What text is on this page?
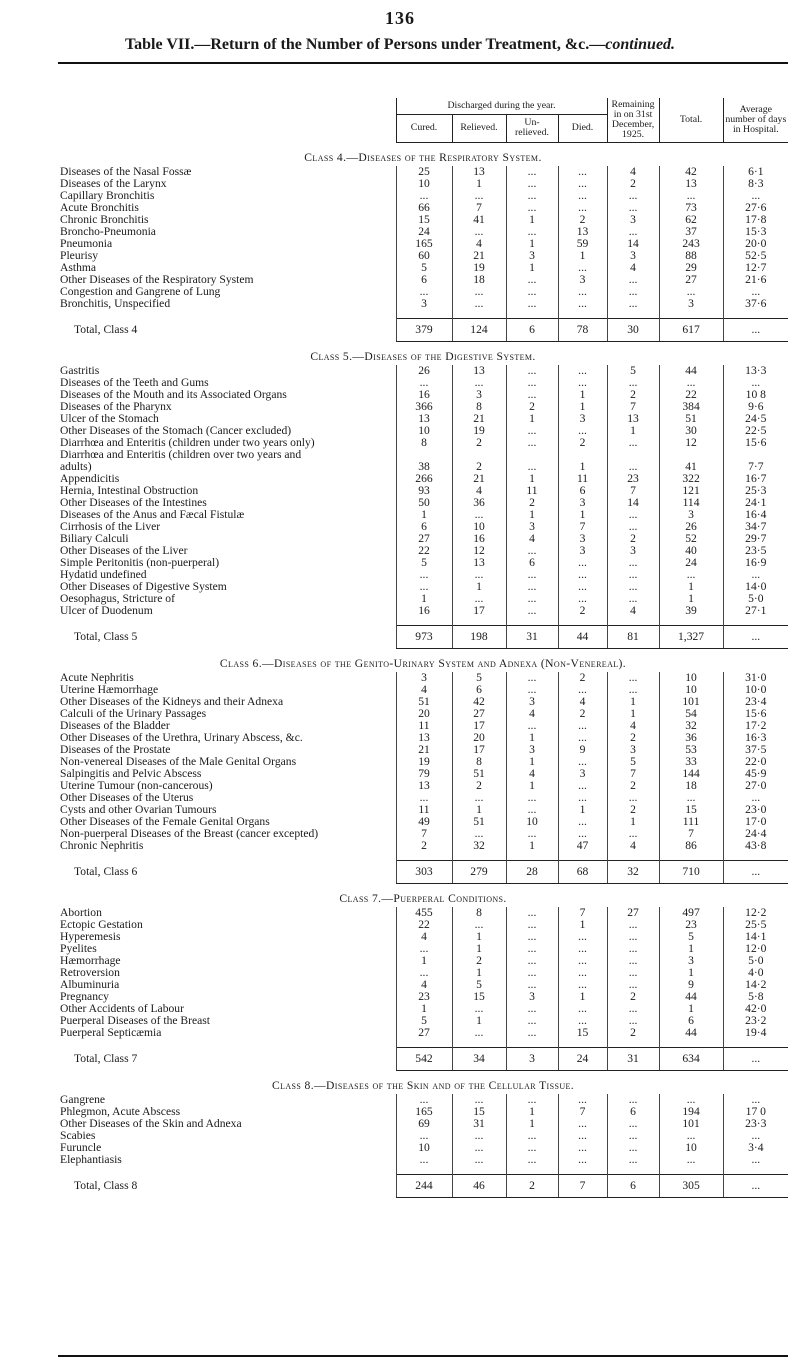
136
Table VII.—Return of the Number of Persons under Treatment, &c.—continued.
	Discharged during the year.				Remaining in on 31st December, 1925.	Total.	Average number of days in Hospital.
	Cured.	Relieved.	Un-relieved.	Died.			
Class 4.—Diseases of the Respiratory System.							
Diseases of the Nasal Fossæ	25	13	...	...	4	42	6·1
Diseases of the Larynx	10	1	...	...	2	13	8·3
Capillary Bronchitis	...	...	...	...	...	...	...
Acute Bronchitis	66	7	...	...	...	73	27·6
Chronic Bronchitis	15	41	1	2	3	62	17·8
Broncho-Pneumonia	24	...	...	13	...	37	15·3
Pneumonia	165	4	1	59	14	243	20·0
Pleurisy	60	21	3	1	3	88	52·5
Asthma	5	19	1	...	4	29	12·7
Other Diseases of the Respiratory System	6	18	...	3	...	27	21·6
Congestion and Gangrene of Lung	...	...	...	...	...	...	...
Bronchitis, Unspecified	3	...	...	...	...	3	37·6

Total, Class 4	379	124	6	78	30	617	...
Class 5.—Diseases of the Digestive System.							
Gastritis	26	13	...	...	5	44	13·3
Diseases of the Teeth and Gums	...	...	...	...	...	...	...
Diseases of the Mouth and its Associated Organs	16	3	...	1	2	22	10 8
Diseases of the Pharynx	366	8	2	1	7	384	9·6
Ulcer of the Stomach	13	21	1	3	13	51	24·5
Other Diseases of the Stomach (Cancer excluded)	10	19	...	...	1	30	22·5
Diarrhœa and Enteritis (children under two years only)	8	2	...	2	...	12	15·6
Diarrhœa and Enteritis (children over two years and							
adults)	38	2	...	1	...	41	7·7
Appendicitis	266	21	1	11	23	322	16·7
Hernia, Intestinal Obstruction	93	4	11	6	7	121	25·3
Other Diseases of the Intestines	50	36	2	3	14	114	24·1
Diseases of the Anus and Fæcal Fistulæ	1	...	1	1	...	3	16·4
Cirrhosis of the Liver	6	10	3	7	...	26	34·7
Biliary Calculi	27	16	4	3	2	52	29·7
Other Diseases of the Liver	22	12	...	3	3	40	23·5
Simple Peritonitis (non-puerperal)	5	13	6	...	...	24	16·9
Hydatid undefined	...	...	...	...	...	...	...
Other Diseases of Digestive System	...	1	...	...	...	1	14·0
Oesophagus, Stricture of	1	...	...	...	...	1	5·0
Ulcer of Duodenum	16	17	...	2	4	39	27·1

Total, Class 5	973	198	31	44	81	1,327	...
Class 6.—Diseases of the Genito-Urinary System and Adnexa (Non-Venereal).							
Acute Nephritis	3	5	...	2	...	10	31·0
Uterine Hæmorrhage	4	6	...	...	...	10	10·0
Other Diseases of the Kidneys and their Adnexa	51	42	3	4	1	101	23·4
Calculi of the Urinary Passages	20	27	4	2	1	54	15·6
Diseases of the Bladder	11	17	...	...	4	32	17·2
Other Diseases of the Urethra, Urinary Abscess, &c.	13	20	1	...	2	36	16·3
Diseases of the Prostate	21	17	3	9	3	53	37·5
Non-venereal Diseases of the Male Genital Organs	19	8	1	...	5	33	22·0
Salpingitis and Pelvic Abscess	79	51	4	3	7	144	45·9
Uterine Tumour (non-cancerous)	13	2	1	...	2	18	27·0
Other Diseases of the Uterus	...	...	...	...	...	...	...
Cysts and other Ovarian Tumours	11	1	...	1	2	15	23·0
Other Diseases of the Female Genital Organs	49	51	10	...	1	111	17·0
Non-puerperal Diseases of the Breast (cancer excepted)	7	...	...	...	...	7	24·4
Chronic Nephritis	2	32	1	47	4	86	43·8

Total, Class 6	303	279	28	68	32	710	...
Class 7.—Puerperal Conditions.							
Abortion	455	8	...	7	27	497	12·2
Ectopic Gestation	22	...	...	1	...	23	25·5
Hyperemesis	4	1	...	...	...	5	14·1
Pyelites	...	1	...	...	...	1	12·0
Hæmorrhage	1	2	...	...	...	3	5·0
Retroversion	...	1	...	...	...	1	4·0
Albuminuria	4	5	...	...	...	9	14·2
Pregnancy	23	15	3	1	2	44	5·8
Other Accidents of Labour	1	...	...	...	...	1	42·0
Puerperal Diseases of the Breast	5	1	...	...	...	6	23·2
Puerperal Septicæmia	27	...	...	15	2	44	19·4

Total, Class 7	542	34	3	24	31	634	...
Class 8.—Diseases of the Skin and of the Cellular Tissue.							
Gangrene	...	...	...	...	...	...	...
Phlegmon, Acute Abscess	165	15	1	7	6	194	17 0
Other Diseases of the Skin and Adnexa	69	31	1	...	...	101	23·3
Scabies	...	...	...	...	...	...	...
Furuncle	10	...	...	...	...	10	3·4
Elephantiasis	...	...	...	...	...	...	...

Total, Class 8	244	46	2	7	6	305	...
